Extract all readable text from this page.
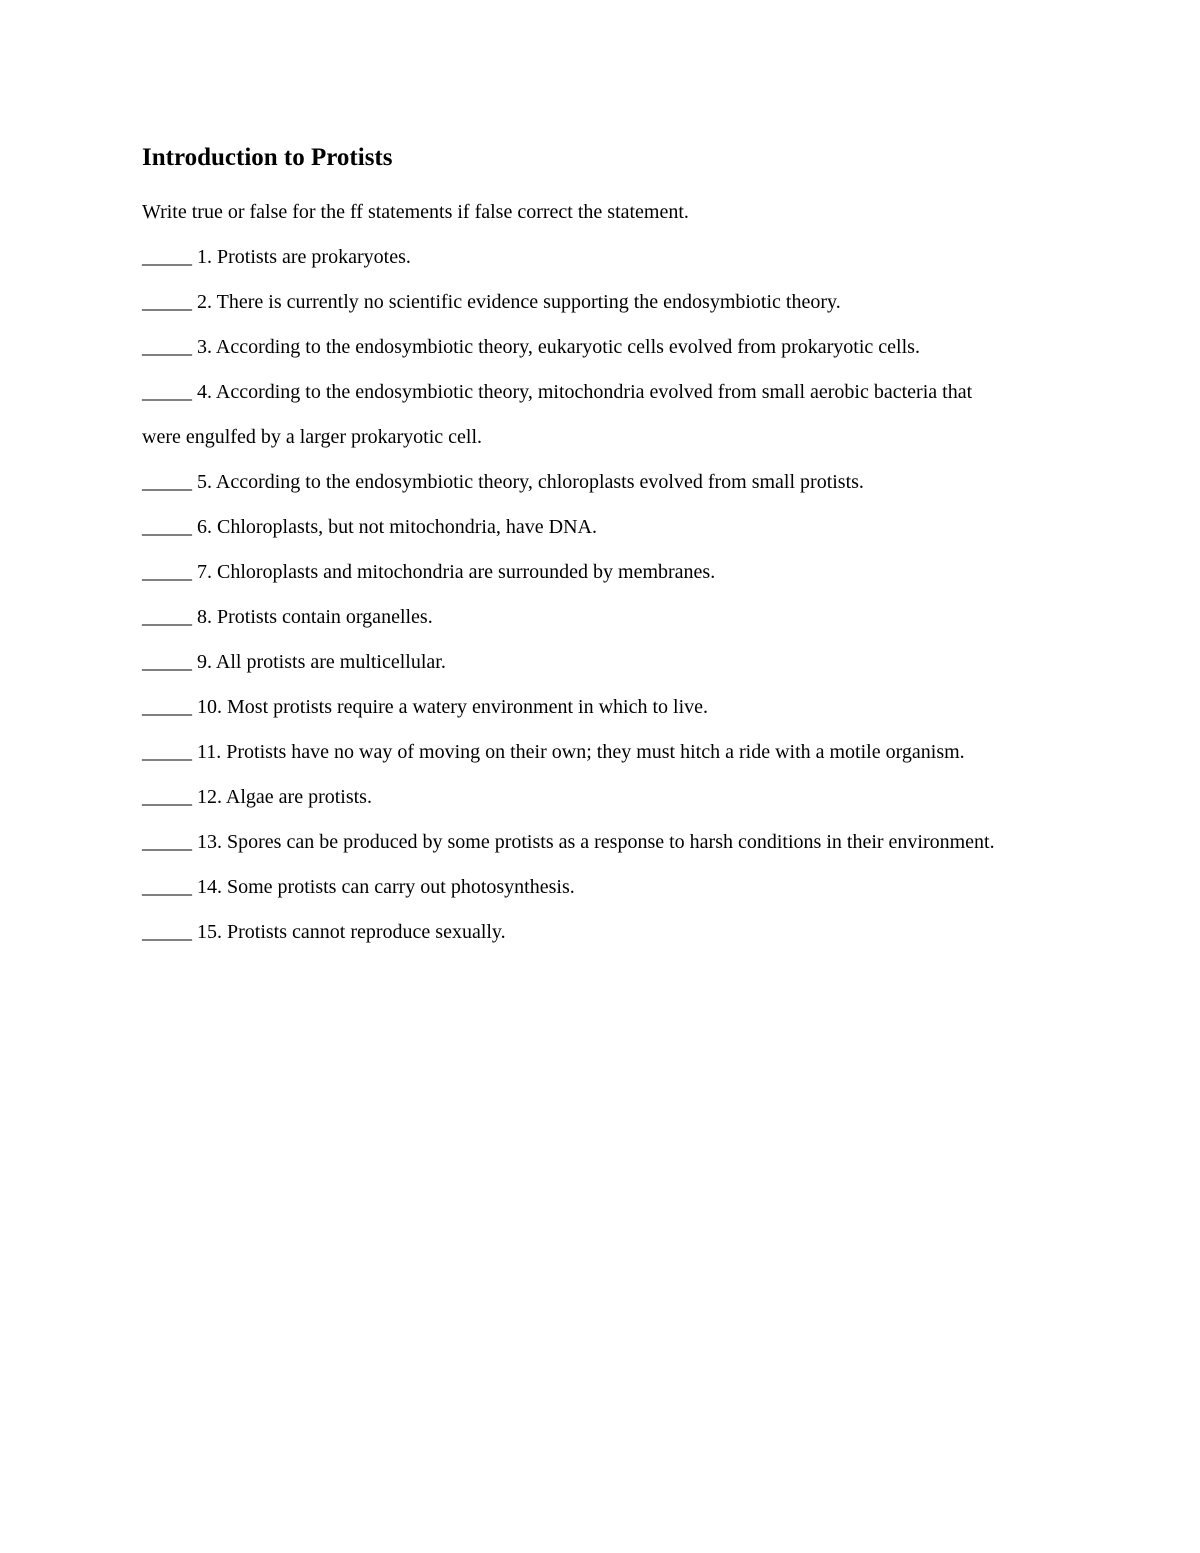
Introduction to Protists

Write true or false for the ff statements if false correct the statement.

_____ 1. Protists are prokaryotes.

_____ 2. There is currently no scientific evidence supporting the endosymbiotic theory.

_____ 3. According to the endosymbiotic theory, eukaryotic cells evolved from prokaryotic cells.

_____ 4. According to the endosymbiotic theory, mitochondria evolved from small aerobic bacteria that

were engulfed by a larger prokaryotic cell.

_____ 5. According to the endosymbiotic theory, chloroplasts evolved from small protists.

_____ 6. Chloroplasts, but not mitochondria, have DNA.

_____ 7. Chloroplasts and mitochondria are surrounded by membranes.

_____ 8. Protists contain organelles.

_____ 9. All protists are multicellular.

_____ 10. Most protists require a watery environment in which to live.

_____ 11. Protists have no way of moving on their own; they must hitch a ride with a motile organism.

_____ 12. Algae are protists.

_____ 13. Spores can be produced by some protists as a response to harsh conditions in their environment.

_____ 14. Some protists can carry out photosynthesis.

_____ 15. Protists cannot reproduce sexually.
